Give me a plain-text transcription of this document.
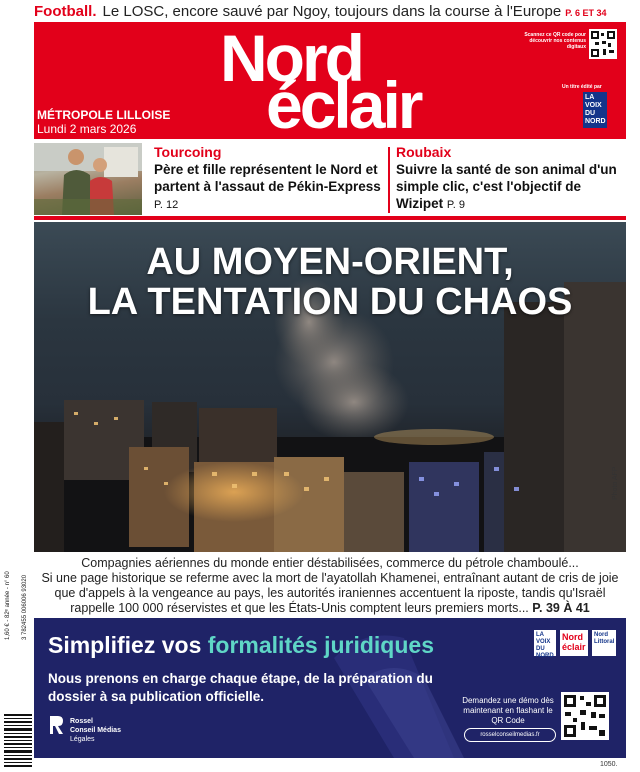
Football. Le LOSC, encore sauvé par Ngoy, toujours dans la course à l'Europe P. 6 ET 34
Nord
éclair
MÉTROPOLE LILLOISE
Lundi 2 mars 2026
Scannez ce QR code pour découvrir nos contenus digitaux
Un titre édité par
LA VOIX DU NORD
Tourcoing
Père et fille représentent le Nord et partent à l'assaut de Pékin-Express P. 12
Roubaix
Suivre la santé de son animal d'un simple clic, c'est l'objectif de Wizipet P. 9
AU MOYEN-ORIENT,
LA TENTATION DU CHAOS
Photo AFP

Compagnies aériennes du monde entier déstabilisées, commerce du pétrole chamboulé...

Si une page historique se referme avec la mort de l'ayatollah Khamenei, entraînant autant de cris de joie

que d'appels à la vengeance au pays, les autorités iraniennes accentuent la riposte, tandis qu'Israël

rappelle 100 000 réservistes et que les États-Unis comptent leurs premiers morts... P. 39 À 41

Simplifiez vos formalités juridiques
Nous prenons en charge chaque étape, de la préparation du dossier à sa publication officielle.
Rossel
Conseil Médias
Légales
LA VOIX DU NORD
Nord éclair
Nord Littoral
Demandez une démo dès maintenant en flashant le QR Code
rosselconseilmedias.fr
1,60 € - 82ᵉ année - n° 60 3 782455 006006 93020
1050.
